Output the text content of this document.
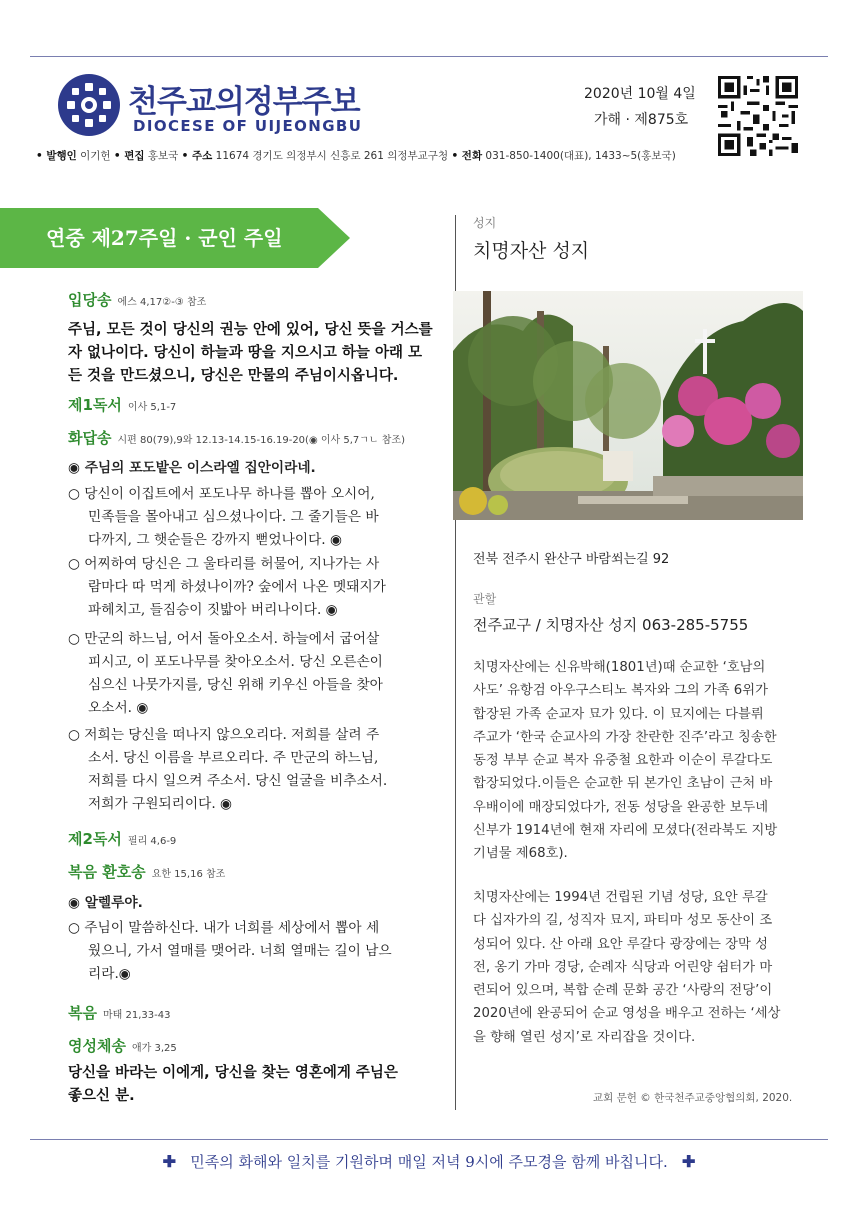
천주교의정부주보
DIOCESE OF UIJEONGBU
2020년 10월 4일
가해 · 제875호
• 발행인 이기헌 • 편집 홍보국 • 주소 11674 경기도 의정부시 신흥로 261 의정부교구청 • 전화 031-850-1400(대표), 1433~5(홍보국)
연중 제27주일 · 군인 주일
입당송 에스 4,17②-③ 참조
주님, 모든 것이 당신의 권능 안에 있어, 당신 뜻을 거스를
자 없나이다. 당신이 하늘과 땅을 지으시고 하늘 아래 모
든 것을 만드셨으니, 당신은 만물의 주님이시옵니다.
제1독서 이사 5,1-7
화답송 시편 80(79),9와 12.13-14.15-16.19-20(◉ 이사 5,7ㄱㄴ 참조)
◉ 주님의 포도밭은 이스라엘 집안이라네.
○ 당신이 이집트에서 포도나무 하나를 뽑아 오시어,
민족들을 몰아내고 심으셨나이다. 그 줄기들은 바
다까지, 그 햇순들은 강까지 뻗었나이다. ◉
○ 어찌하여 당신은 그 울타리를 허물어, 지나가는 사
람마다 따 먹게 하셨나이까? 숲에서 나온 멧돼지가
파헤치고, 들짐승이 짓밟아 버리나이다. ◉
○ 만군의 하느님, 어서 돌아오소서. 하늘에서 굽어살
피시고, 이 포도나무를 찾아오소서. 당신 오른손이
심으신 나뭇가지를, 당신 위해 키우신 아들을 찾아
오소서. ◉
○ 저희는 당신을 떠나지 않으오리다. 저희를 살려 주
소서. 당신 이름을 부르오리다. 주 만군의 하느님,
저희를 다시 일으켜 주소서. 당신 얼굴을 비추소서.
저희가 구원되리이다. ◉
제2독서 필리 4,6-9
복음 환호송 요한 15,16 참조
◉ 알렐루야.
○ 주님이 말씀하신다. 내가 너희를 세상에서 뽑아 세
웠으니, 가서 열매를 맺어라. 너희 열매는 길이 남으
리라.◉
복음 마태 21,33-43
영성체송 애가 3,25
당신을 바라는 이에게, 당신을 찾는 영혼에게 주님은
좋으신 분.
성지
치명자산 성지
전북 전주시 완산구 바람쐬는길 92
관할
전주교구 / 치명자산 성지 063-285-5755
치명자산에는 신유박해(1801년)때 순교한 ‘호남의
사도’ 유항검 아우구스티노 복자와 그의 가족 6위가
합장된 가족 순교자 묘가 있다. 이 묘지에는 다블뤼
주교가 ‘한국 순교사의 가장 찬란한 진주’라고 칭송한
동정 부부 순교 복자 유중철 요한과 이순이 루갈다도
합장되었다.이들은 순교한 뒤 본가인 초남이 근처 바
우배이에 매장되었다가, 전동 성당을 완공한 보두네
신부가 1914년에 현재 자리에 모셨다(전라북도 지방
기념물 제68호).
치명자산에는 1994년 건립된 기념 성당, 요안 루갈
다 십자가의 길, 성직자 묘지, 파티마 성모 동산이 조
성되어 있다. 산 아래 요안 루갈다 광장에는 장막 성
전, 옹기 가마 경당, 순례자 식당과 어린양 쉼터가 마
련되어 있으며, 복합 순례 문화 공간 ‘사랑의 전당’이
2020년에 완공되어 순교 영성을 배우고 전하는 ‘세상
을 향해 열린 성지’로 자리잡을 것이다.
교회 문헌 © 한국천주교중앙협의회, 2020.
✚ 민족의 화해와 일치를 기원하며 매일 저녁 9시에 주모경을 함께 바칩니다. ✚
